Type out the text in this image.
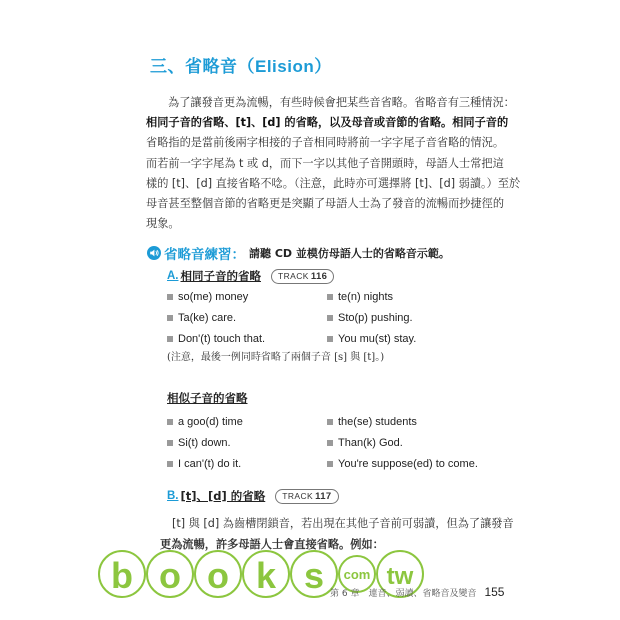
三、省略音（Elision）

為了讓發音更為流暢，有些時候會把某些音省略。省略音有三種情況：

相同子音的省略、[t]、[d] 的省略，以及母音或音節的省略。相同子音的

省略指的是當前後兩字相接的子音相同時將前一字字尾子音省略的情況。

而若前一字字尾為 t 或 d，而下一字以其他子音開頭時，母語人士常把這

樣的 [t]、[d] 直接省略不唸。（注意，此時亦可選擇將 [t]、[d] 弱讀。）至於

母音甚至整個音節的省略更是突顯了母語人士為了發音的流暢而抄捷徑的

現象。

省略音練習： 請聽 CD 並模仿母語人士的省略音示範。
A. 相同子音的省略	TRACK 116
so(me) money	te(n) nights
Ta(ke) care.	Sto(p) pushing.
Don'(t) touch that.	You mu(st) stay.
(注意，最後一例同時省略了兩個子音 [s] 與 [t]。)
相似子音的省略
a goo(d) time	the(se) students
Si(t) down.	Than(k) God.
I can'(t) do it.	You're suppose(ed) to come.
B. [t]、[d] 的省略	TRACK 117

[t] 與 [d] 為齒槽閉鎖音，若出現在其他子音前可弱讀，但為了讓發音

更為流暢，許多母語人士會直接省略。例如：

b o o k s com tw
第 6 章　連音、弱讀、省略音及變音 155
